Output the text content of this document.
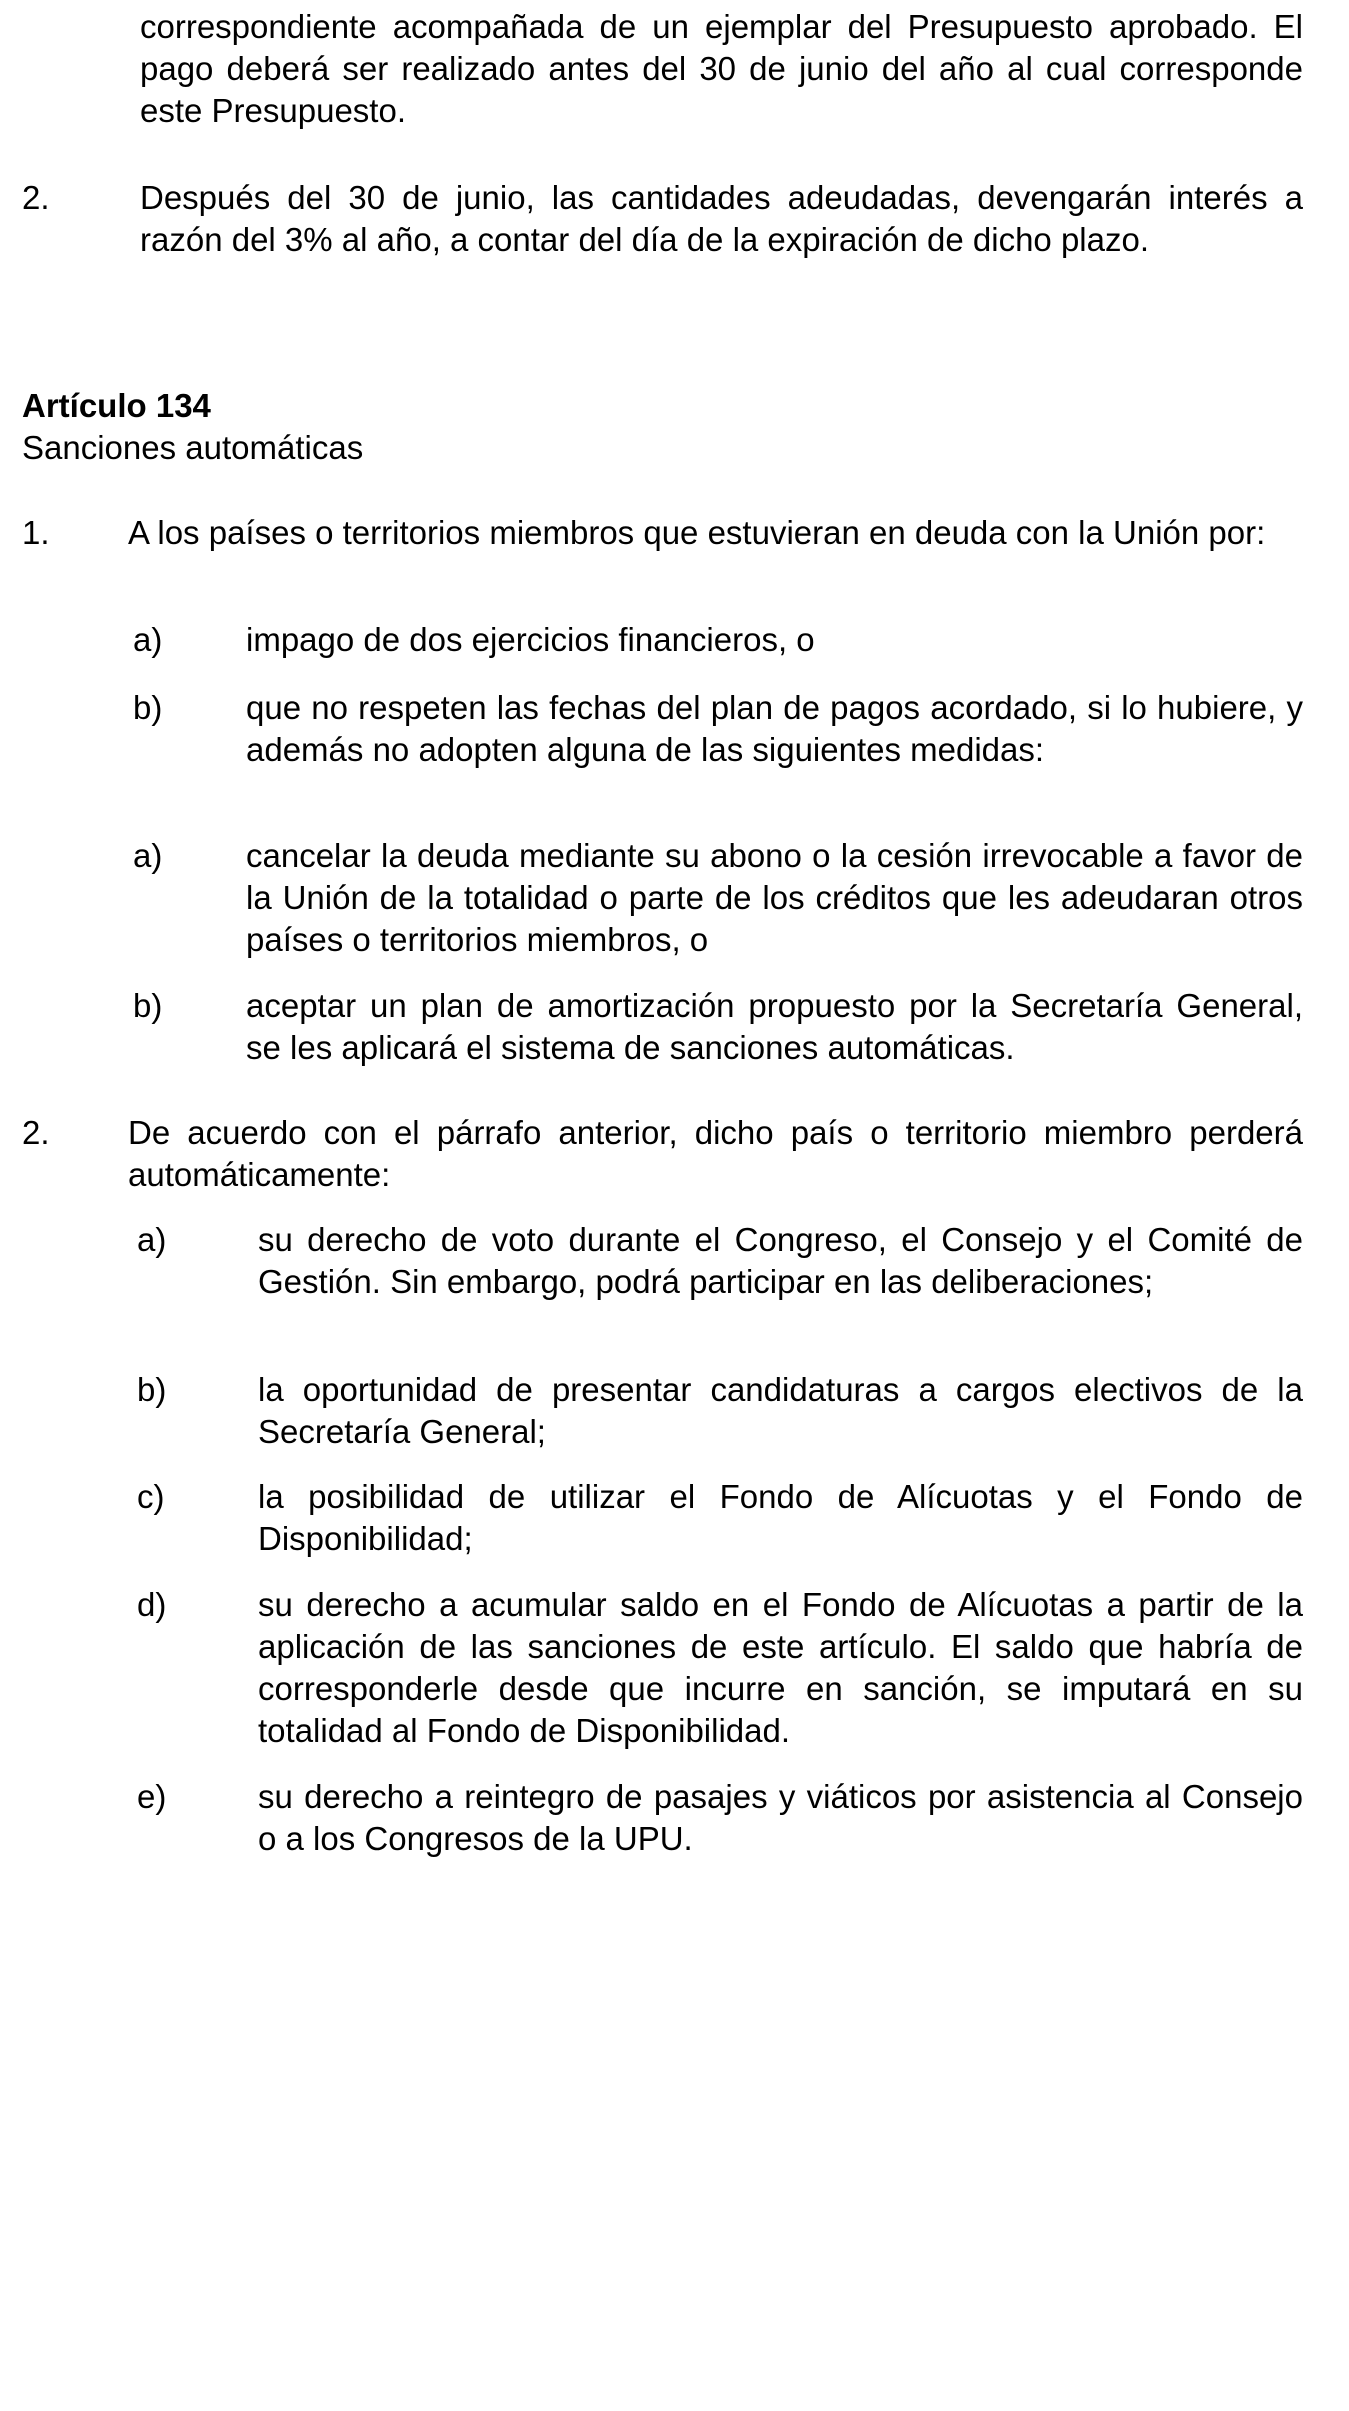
correspondiente acompañada de un ejemplar del Presupuesto aprobado. El pago deberá ser realizado antes del 30 de junio del año al cual corresponde este Presupuesto.

2.	Después del 30 de junio, las cantidades adeudadas, devengarán interés a razón del 3% al año, a contar del día de la expiración de dicho plazo.

Artículo 134

Sanciones automáticas

1. A los países o territorios miembros que estuvieran en deuda con la Unión por:

a)	impago de dos ejercicios financieros, o

b)	que no respeten las fechas del plan de pagos acordado, si lo hubiere, y además no adopten alguna de las siguientes medidas:

a)	cancelar la deuda mediante su abono o la cesión irrevocable a favor de la Unión de la totalidad o parte de los créditos que les adeudaran otros países o territorios miembros, o

b)	aceptar un plan de amortización propuesto por la Secretaría General, se les aplicará el sistema de sanciones automáticas.

2. De acuerdo con el párrafo anterior, dicho país o territorio miembro perderá automáticamente:

a)	su derecho de voto durante el Congreso, el Consejo y el Comité de Gestión. Sin embargo, podrá participar en las deliberaciones;

b)	la oportunidad de presentar candidaturas a cargos electivos de la Secretaría General;

c)	la posibilidad de utilizar el Fondo de Alícuotas y el Fondo de Disponibilidad;

d)	su derecho a acumular saldo en el Fondo de Alícuotas a partir de la aplicación de las sanciones de este artículo. El saldo que habría de corresponderle desde que incurre en sanción, se imputará en su totalidad al Fondo de Disponibilidad.

e)	su derecho a reintegro de pasajes y viáticos por asistencia al Consejo o a los Congresos de la UPU.
